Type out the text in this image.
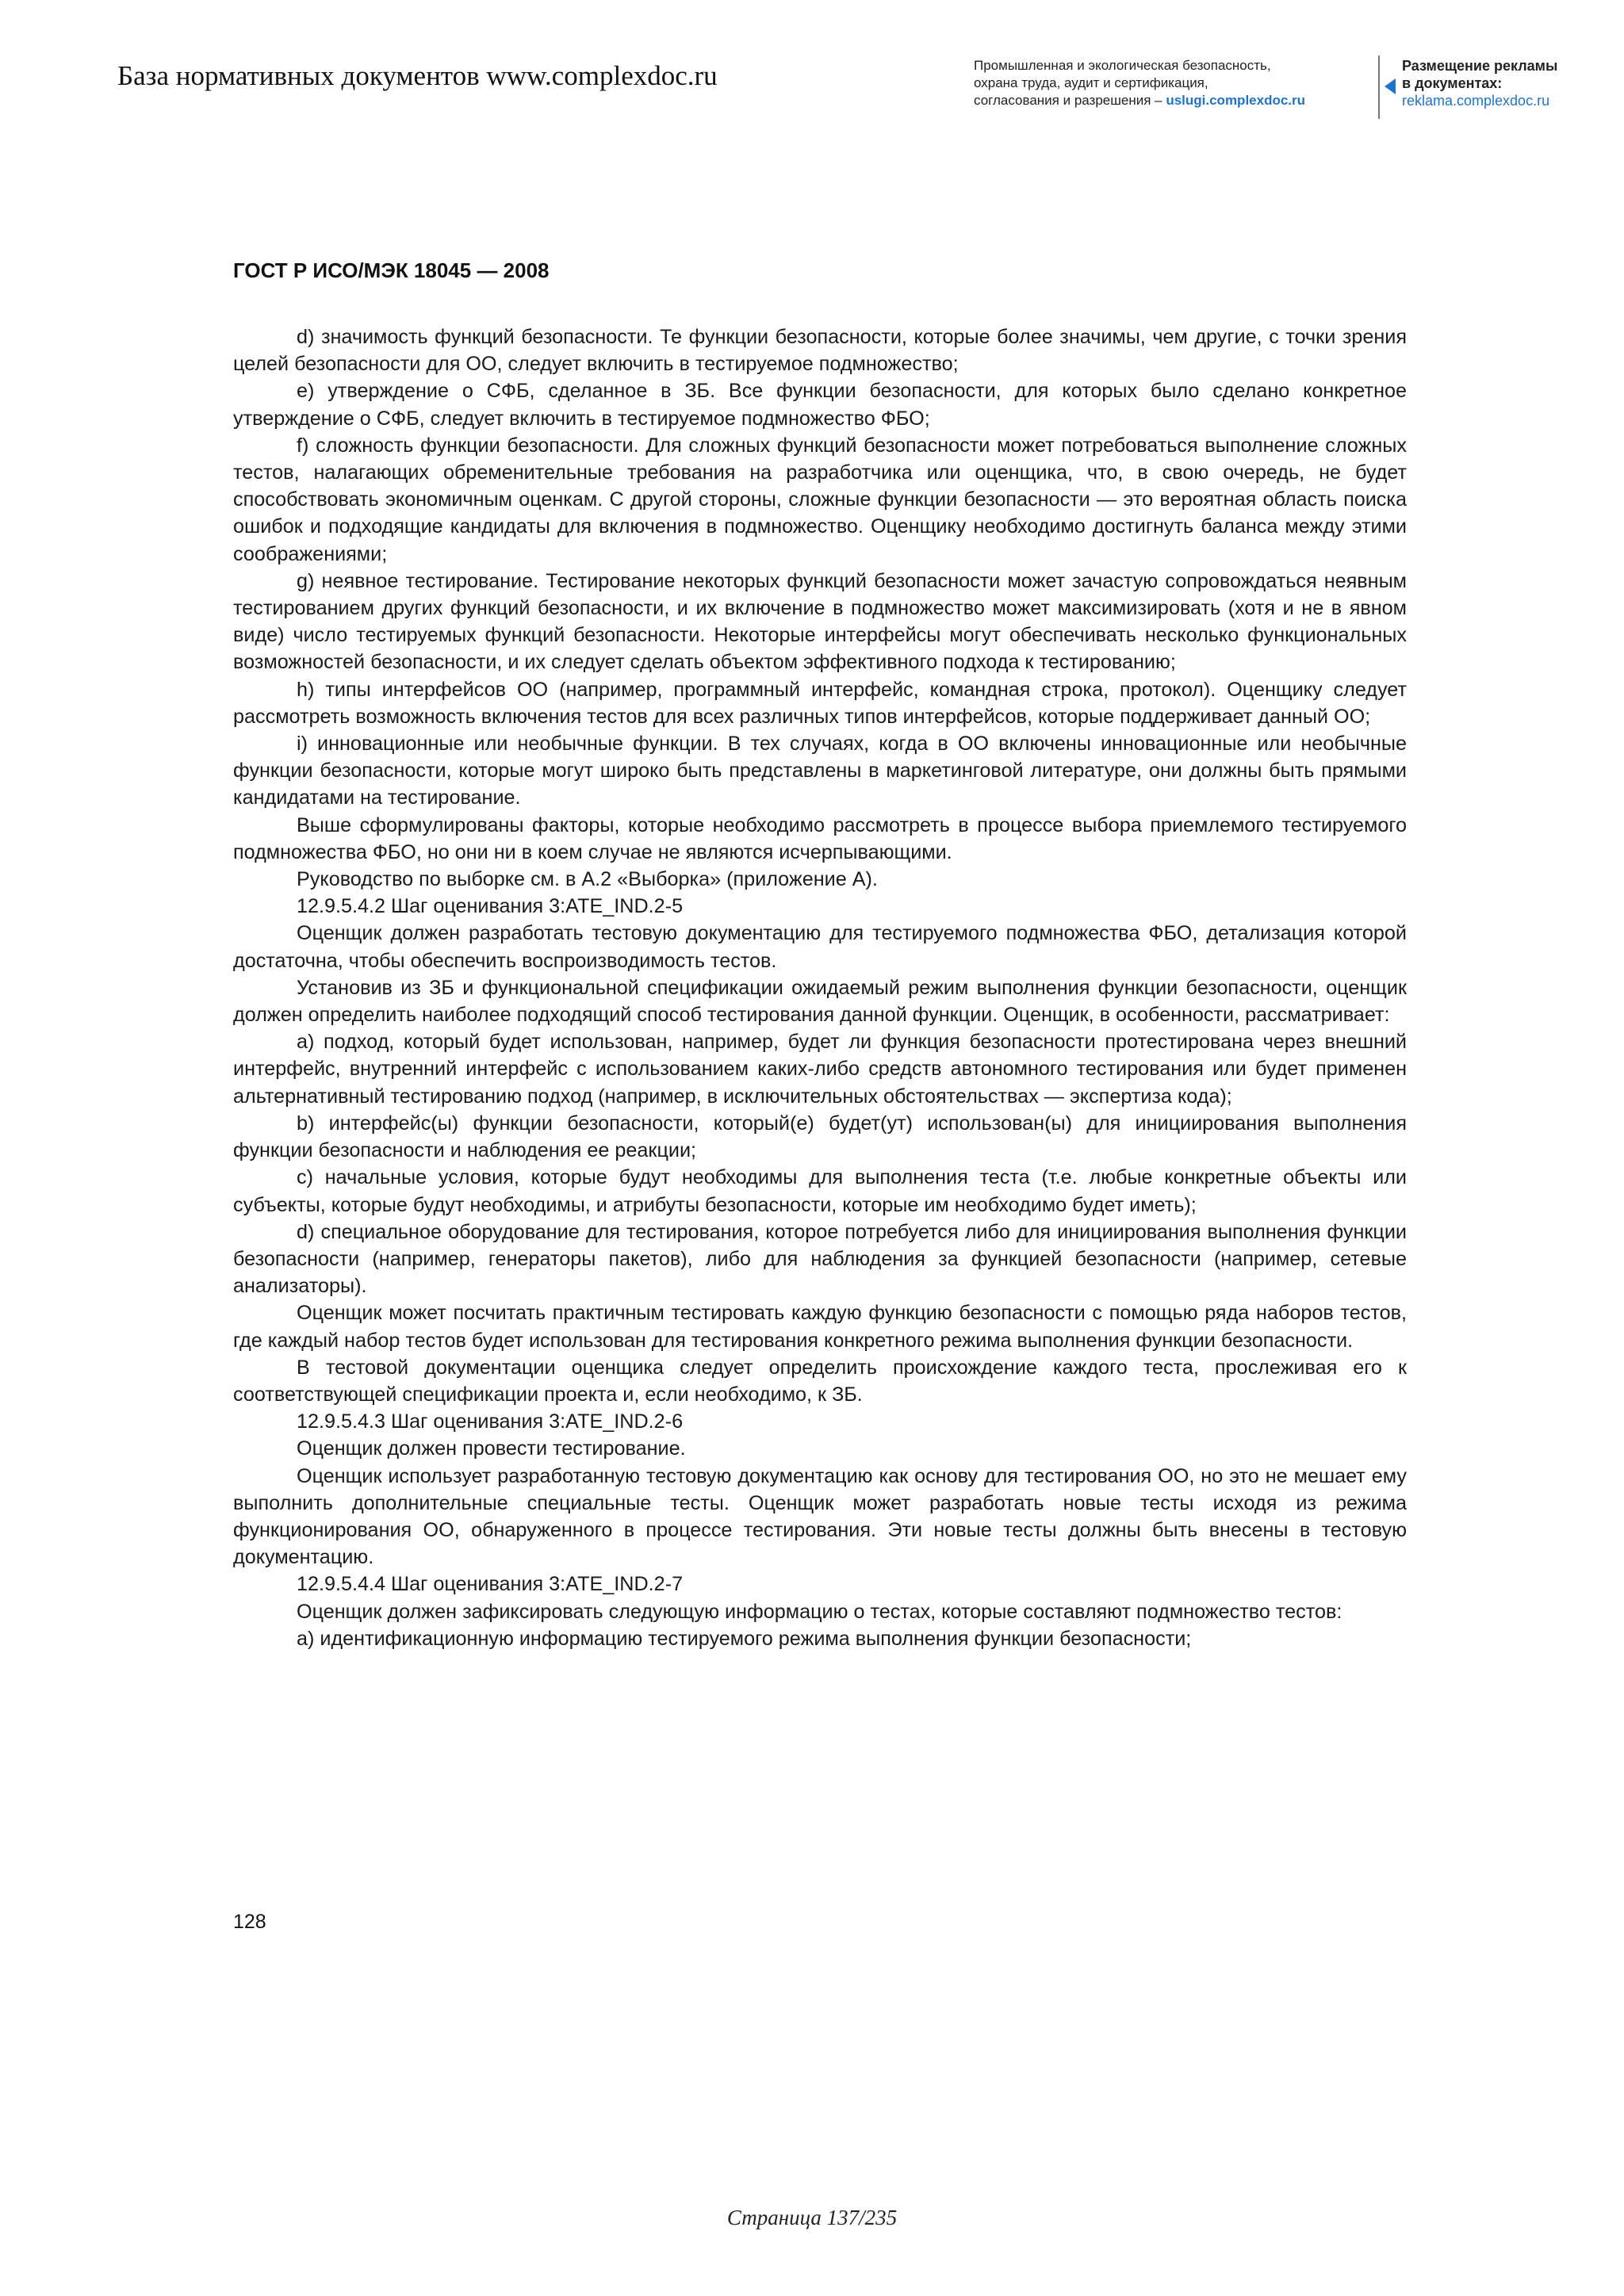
База нормативных документов www.complexdoc.ru	Промышленная и экологическая безопасность,
охрана труда, аудит и сертификация,
согласования и разрешения – uslugi.complexdoc.ru
Размещение рекламы
в документах:
reklama.complexdoc.ru
ГОСТ Р ИСО/МЭК 18045 — 2008

d) значимость функций безопасности. Те функции безопасности, которые более значимы, чем другие, с точки зрения целей безопасности для ОО, следует включить в тестируемое подмножество;

е) утверждение о СФБ, сделанное в ЗБ. Все функции безопасности, для которых было сделано конкретное утверждение о СФБ, следует включить в тестируемое подмножество ФБО;

f) сложность функции безопасности. Для сложных функций безопасности может потребоваться выполнение сложных тестов, налагающих обременительные требования на разработчика или оценщика, что, в свою очередь, не будет способствовать экономичным оценкам. С другой стороны, сложные функции безопасности — это вероятная область поиска ошибок и подходящие кандидаты для включения в подмножество. Оценщику необходимо достигнуть баланса между этими соображениями;

g) неявное тестирование. Тестирование некоторых функций безопасности может зачастую сопровождаться неявным тестированием других функций безопасности, и их включение в подмножество может максимизировать (хотя и не в явном виде) число тестируемых функций безопасности. Некоторые интерфейсы могут обеспечивать несколько функциональных возможностей безопасности, и их следует сделать объектом эффективного подхода к тестированию;

h) типы интерфейсов ОО (например, программный интерфейс, командная строка, протокол). Оценщику следует рассмотреть возможность включения тестов для всех различных типов интерфейсов, которые поддерживает данный ОО;

i) инновационные или необычные функции. В тех случаях, когда в ОО включены инновационные или необычные функции безопасности, которые могут широко быть представлены в маркетинговой литературе, они должны быть прямыми кандидатами на тестирование.

Выше сформулированы факторы, которые необходимо рассмотреть в процессе выбора приемлемого тестируемого подмножества ФБО, но они ни в коем случае не являются исчерпывающими.

Руководство по выборке см. в А.2 «Выборка» (приложение А).

12.9.5.4.2 Шаг оценивания 3:ATE_IND.2-5

Оценщик должен разработать тестовую документацию для тестируемого подмножества ФБО, детализация которой достаточна, чтобы обеспечить воспроизводимость тестов.

Установив из ЗБ и функциональной спецификации ожидаемый режим выполнения функции безопасности, оценщик должен определить наиболее подходящий способ тестирования данной функции. Оценщик, в особенности, рассматривает:

а) подход, который будет использован, например, будет ли функция безопасности протестирована через внешний интерфейс, внутренний интерфейс с использованием каких-либо средств автономного тестирования или будет применен альтернативный тестированию подход (например, в исключительных обстоятельствах — экспертиза кода);

b) интерфейс(ы) функции безопасности, который(е) будет(ут) использован(ы) для инициирования выполнения функции безопасности и наблюдения ее реакции;

c) начальные условия, которые будут необходимы для выполнения теста (т.е. любые конкретные объекты или субъекты, которые будут необходимы, и атрибуты безопасности, которые им необходимо будет иметь);

d) специальное оборудование для тестирования, которое потребуется либо для инициирования выполнения функции безопасности (например, генераторы пакетов), либо для наблюдения за функцией безопасности (например, сетевые анализаторы).

Оценщик может посчитать практичным тестировать каждую функцию безопасности с помощью ряда наборов тестов, где каждый набор тестов будет использован для тестирования конкретного режима выполнения функции безопасности.

В тестовой документации оценщика следует определить происхождение каждого теста, прослеживая его к соответствующей спецификации проекта и, если необходимо, к ЗБ.

12.9.5.4.3 Шаг оценивания 3:ATE_IND.2-6

Оценщик должен провести тестирование.

Оценщик использует разработанную тестовую документацию как основу для тестирования ОО, но это не мешает ему выполнить дополнительные специальные тесты. Оценщик может разработать новые тесты исходя из режима функционирования ОО, обнаруженного в процессе тестирования. Эти новые тесты должны быть внесены в тестовую документацию.

12.9.5.4.4 Шаг оценивания 3:ATE_IND.2-7

Оценщик должен зафиксировать следующую информацию о тестах, которые составляют подмножество тестов:

а) идентификационную информацию тестируемого режима выполнения функции безопасности;

128
Страница 137/235
